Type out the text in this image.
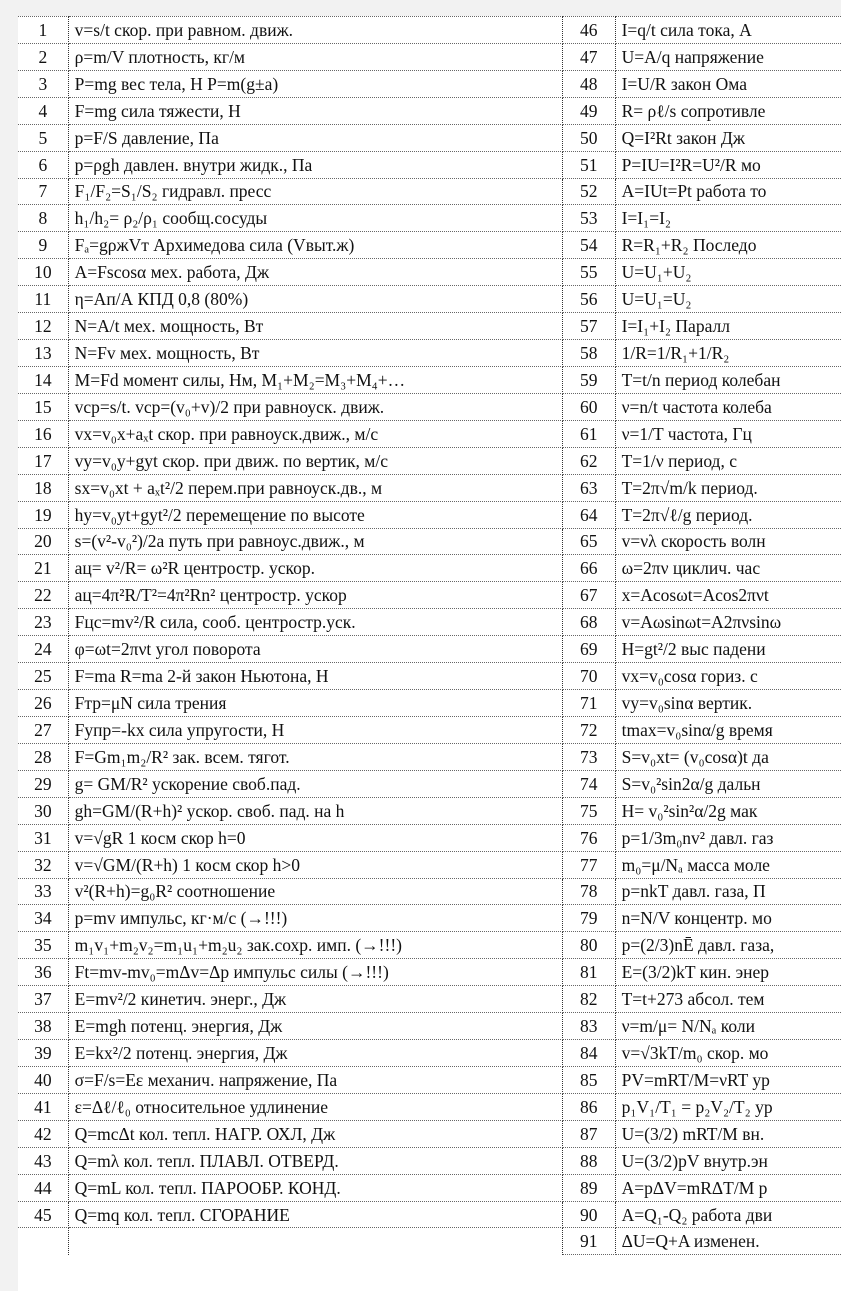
1	v=s/t скор. при равном. движ.	46	I=q/t сила тока, А
2	ρ=m/V плотность, кг/м	47	U=A/q напряжение
3	P=mg вес тела, Н P=m(g±a)	48	I=U/R закон Ома
4	F=mg сила тяжести, Н	49	R= ρℓ/s сопротивле
5	p=F/S давление, Па	50	Q=I²Rt закон Дж
6	p=ρgh давлен. внутри жидк., Па	51	P=IU=I²R=U²/R мо
7	F₁/F₂=S₁/S₂ гидравл. пресс	52	A=IUt=Pt работа то
8	h₁/h₂= ρ₂/ρ₁ сообщ.сосуды	53	I=I₁=I₂
9	Fₐ=gρжVт Архимедова сила (Vвыт.ж)	54	R=R₁+R₂ Последо
10	A=Fscosα мех. работа, Дж	55	U=U₁+U₂
11	η=Ап/А КПД 0,8 (80%)	56	U=U₁=U₂
12	N=A/t мех. мощность, Вт	57	I=I₁+I₂ Паралл
13	N=Fv мех. мощность, Вт	58	1/R=1/R₁+1/R₂
14	M=Fd момент силы, Нм, M₁+M₂=M₃+M₄+…	59	T=t/n период колебан
15	vср=s/t. vср=(v₀+v)/2 при равноуск. движ.	60	ν=n/t частота колеба
16	vx=v₀x+aₓt скор. при равноуск.движ., м/с	61	ν=1/T частота, Гц
17	vy=v₀y+gyt скор. при движ. по вертик, м/с	62	T=1/ν период, с
18	sx=v₀xt + aₓt²/2 перем.при равноуск.дв., м	63	T=2π√m/k период.
19	hy=v₀yt+gyt²/2 перемещение по высоте	64	T=2π√ℓ/g период.
20	s=(v²-v₀²)/2a путь при равноус.движ., м	65	v=νλ скорость волн
21	aц= v²/R= ω²R центростр. ускор.	66	ω=2πν циклич. час
22	aц=4π²R/T²=4π²Rn² центростр. ускор	67	x=Acosωt=Acos2πνt
23	Fцс=mv²/R сила, сооб. центростр.уск.	68	v=Aωsinωt=A2πνsinω
24	φ=ωt=2πνt угол поворота	69	H=gt²/2 выс падени
25	F=ma R=ma 2-й закон Ньютона, Н	70	vx=v₀cosα гориз. с
26	Fтр=μN сила трения	71	vy=v₀sinα вертик.
27	Fупр=-kx сила упругости, Н	72	tmax=v₀sinα/g время
28	F=Gm₁m₂/R² зак. всем. тягот.	73	S=v₀xt= (v₀cosα)t да
29	g= GM/R² ускорение своб.пад.	74	S=v₀²sin2α/g дальн
30	gh=GM/(R+h)² ускор. своб. пад. на h	75	H= v₀²sin²α/2g мак
31	v=√gR 1 косм скор h=0	76	p=1/3m₀nv² давл. газ
32	v=√GM/(R+h) 1 косм скор h>0	77	m₀=μ/Nₐ масса моле
33	v²(R+h)=g₀R² соотношение	78	p=nkT давл. газа, П
34	p=mv импульс, кг·м/с (→!!!)	79	n=N/V концентр. мо
35	m₁v₁+m₂v₂=m₁u₁+m₂u₂ зак.сохр. имп. (→!!!)	80	p=(2/3)nĒ давл. газа,
36	Ft=mv-mv₀=mΔv=Δp импульс силы (→!!!)	81	E=(3/2)kT кин. энер
37	E=mv²/2 кинетич. энерг., Дж	82	T=t+273 абсол. тем
38	E=mgh потенц. энергия, Дж	83	ν=m/μ= N/Nₐ коли
39	E=kx²/2 потенц. энергия, Дж	84	v=√3kT/m₀ скор. мо
40	σ=F/s=Eε механич. напряжение, Па	85	PV=mRT/M=νRT ур
41	ε=Δℓ/ℓ₀ относительное удлинение	86	p₁V₁/T₁ = p₂V₂/T₂ ур
42	Q=mcΔt кол. тепл. НАГР. ОХЛ, Дж	87	U=(3/2) mRT/M вн.
43	Q=mλ кол. тепл. ПЛАВЛ. ОТВЕРД.	88	U=(3/2)pV внутр.эн
44	Q=mL кол. тепл. ПАРООБР. КОНД.	89	A=pΔV=mRΔT/M р
45	Q=mq кол. тепл. СГОРАНИЕ	90	A=Q₁-Q₂ работа дви
		91	ΔU=Q+A изменен.
